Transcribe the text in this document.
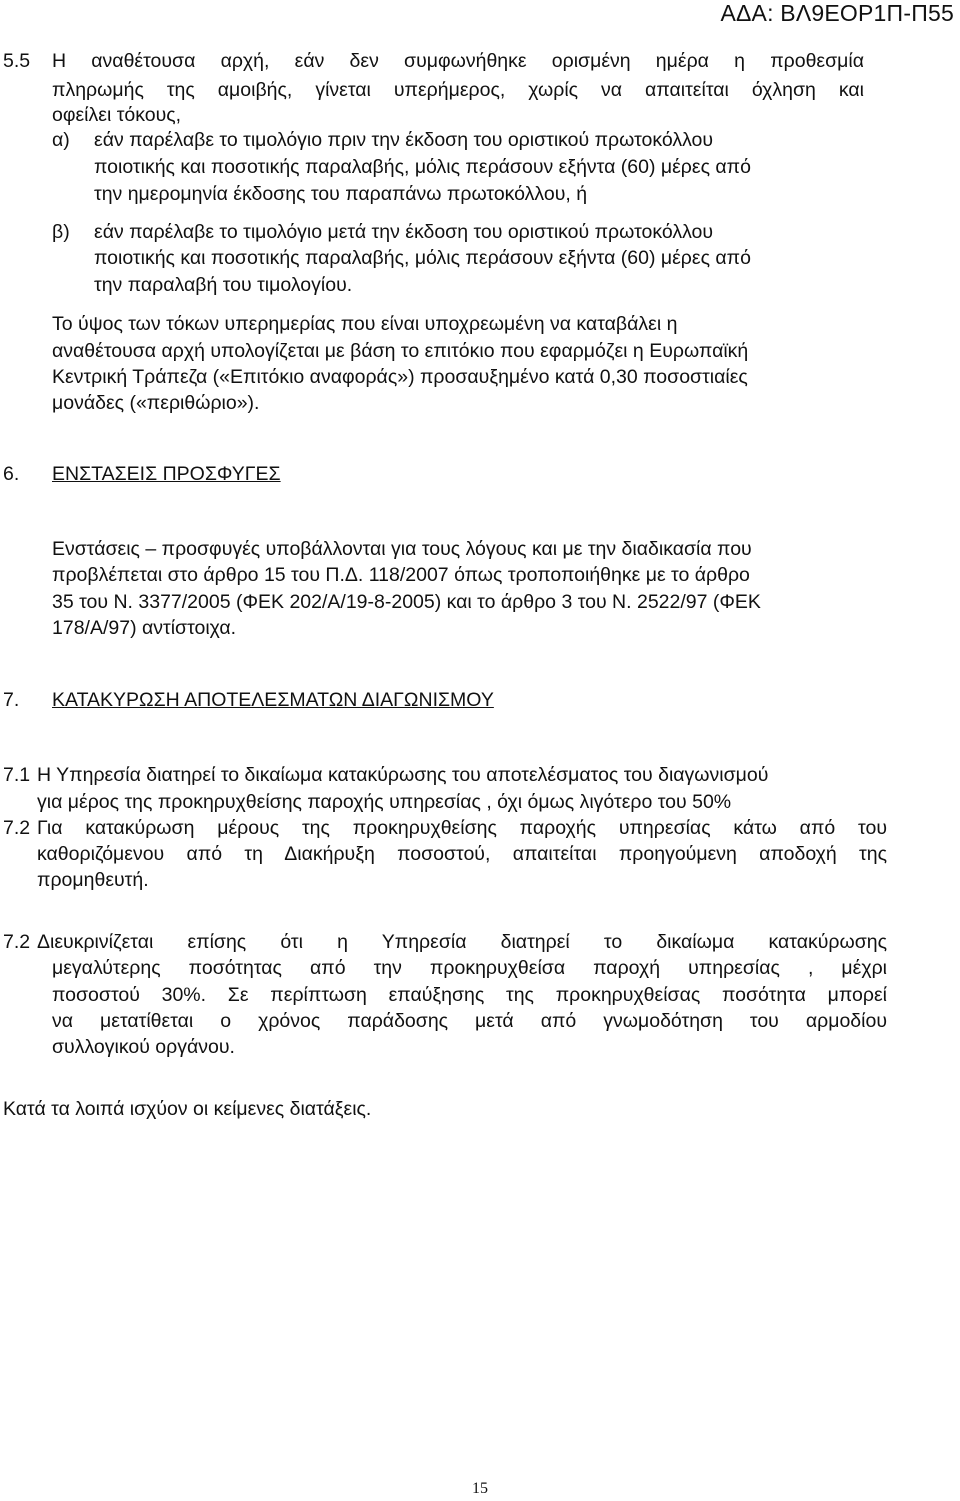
ΑΔΑ: ΒΛ9ΕΟΡ1Π-Π55
5.5 Η αναθέτουσα αρχή, εάν δεν συμφωνήθηκε ορισμένη ημέρα η προθεσμία
πληρωμής της αμοιβής, γίνεται υπερήμερος, χωρίς να απαιτείται όχληση και
οφείλει τόκους,
α) εάν παρέλαβε το τιμολόγιο πριν την έκδοση του οριστικού πρωτοκόλλου
ποιοτικής και ποσοτικής παραλαβής, μόλις περάσουν εξήντα (60) μέρες από
την ημερομηνία έκδοσης του παραπάνω πρωτοκόλλου, ή
β) εάν παρέλαβε το τιμολόγιο μετά την έκδοση του οριστικού πρωτοκόλλου
ποιοτικής και ποσοτικής παραλαβής, μόλις περάσουν εξήντα (60) μέρες από
την παραλαβή του τιμολογίου.
Το ύψος των τόκων υπερημερίας που είναι υποχρεωμένη να καταβάλει η
αναθέτουσα αρχή υπολογίζεται με βάση το επιτόκιο που εφαρμόζει η Ευρωπαϊκή
Κεντρική Τράπεζα («Επιτόκιο αναφοράς») προσαυξημένο κατά 0,30 ποσοστιαίες
μονάδες («περιθώριο»).
6. ΕΝΣΤΑΣΕΙΣ ΠΡΟΣΦΥΓΕΣ
Ενστάσεις – προσφυγές υποβάλλονται για τους λόγους και με την διαδικασία που
προβλέπεται στο άρθρο 15 του Π.Δ. 118/2007 όπως τροποποιήθηκε με το άρθρο
35 του Ν. 3377/2005 (ΦΕΚ 202/Α/19-8-2005) και το άρθρο 3 του Ν. 2522/97 (ΦΕΚ
178/Α/97) αντίστοιχα.
7. ΚΑΤΑΚΥΡΩΣΗ ΑΠΟΤΕΛΕΣΜΑΤΩΝ ΔΙΑΓΩΝΙΣΜΟΥ
7.1 Η Υπηρεσία διατηρεί το δικαίωμα κατακύρωσης του αποτελέσματος του διαγωνισμού
για μέρος της προκηρυχθείσης παροχής υπηρεσίας , όχι όμως λιγότερο του 50%
7.2 Για κατακύρωση μέρους της προκηρυχθείσης παροχής υπηρεσίας κάτω από του
καθοριζόμενου από τη Διακήρυξη ποσοστού, απαιτείται προηγούμενη αποδοχή της
προμηθευτή.
7.2 Διευκρινίζεται επίσης ότι η Υπηρεσία διατηρεί το δικαίωμα κατακύρωσης
μεγαλύτερης ποσότητας από την προκηρυχθείσα παροχή υπηρεσίας , μέχρι
ποσοστού 30%. Σε περίπτωση επαύξησης της προκηρυχθείσας ποσότητα μπορεί
να μετατίθεται ο χρόνος παράδοσης μετά από γνωμοδότηση του αρμοδίου
συλλογικού οργάνου.
Κατά τα λοιπά ισχύον οι κείμενες διατάξεις.
15
